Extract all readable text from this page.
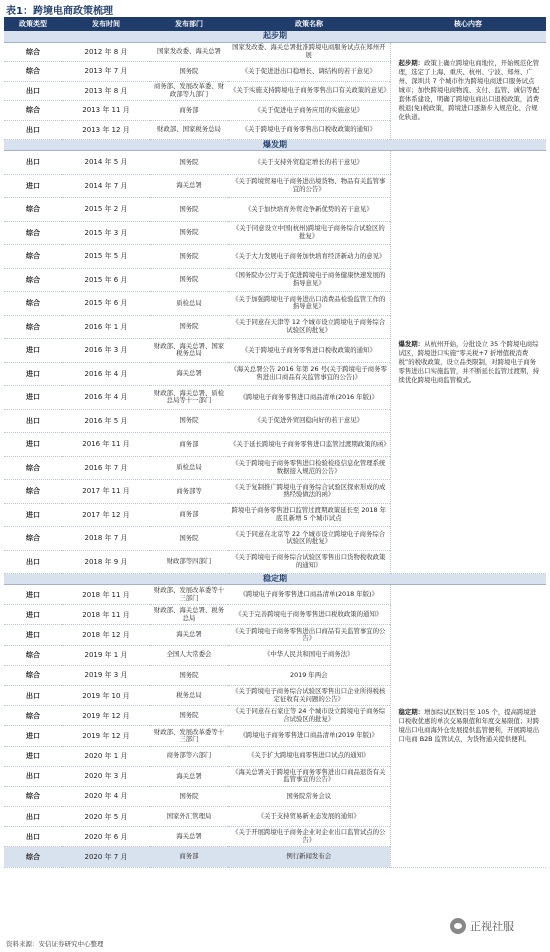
表1：跨境电商政策梳理
政策类型	发布时间	发布部门	政策名称	核心内容
起步期				
综合	2012 年 8 月	国家发改委、海关总署	国家发改委、海关总署批准跨境电商服务试点在郑州开展	起步期：政策上确立跨境电商地位，开始规范化管理，选定了上海、重庆、杭州、宁波、郑州、广州、深圳共 7 个城市作为跨境电商进口服务试点城市；加快跨境电商物流、支付、监管、诚信等配套体系建设，明确了跨境电商出口退税政策，消费税退(免)税政策，跨境进口逐渐步入规范化、合规化轨道。
综合	2013 年 7 月	国务院	《关于促进进出口稳增长、调结构的若干意见》	
出口	2013 年 8 月	商务部、发展改革委、财政部等九部门	《关于实施支持跨境电子商务零售出口有关政策的意见》	
综合	2013 年 11 月	商务部	《关于促进电子商务应用的实施意见》	
出口	2013 年 12 月	财政部、国家税务总局	《关于跨境电子商务零售出口税收政策的通知》	
爆发期				
出口	2014 年 5 月	国务院	《关于支持外贸稳定增长的若干意见》	爆发期：从杭州开始，分批设立 35 个跨境电商综试区，跨境进口实施“零关税+7 折增值税消费税”的税收政策，设立品类限制，对跨境电子商务零售进出口实施监管，并不断延长监管过渡期，持续优化跨境电商监管模式。
进口	2014 年 7 月	海关总署	《关于跨境贸易电子商务进出境货物、物品有关监管事宜的公告》	
综合	2015 年 2 月	国务院	《关于加快培育外贸竞争新优势的若干意见》	
综合	2015 年 3 月	国务院	《关于同意设立中国(杭州)跨境电子商务综合试验区的批复》	
综合	2015 年 5 月	国务院	《关于大力发展电子商务加快培育经济新动力的意见》	
综合	2015 年 6 月	国务院	《国务院办公厅关于促进跨境电子商务健康快速发展的指导意见》	
综合	2015 年 6 月	质检总局	《关于加强跨境电子商务进出口消费品检验监管工作的指导意见》	
综合	2016 年 1 月	国务院	《关于同意在天津等 12 个城市设立跨境电子商务综合试验区的批复》	
进口	2016 年 3 月	财政部、海关总署、国家税务总局	《关于跨境电子商务零售进口税收政策的通知》	
进口	2016 年 4 月	海关总署	《海关总署公告 2016 年第 26 号(关于跨境电子商务零售进出口商品有关监管事宜的公告)》	
进口	2016 年 4 月	财政部、海关总署、质检总局等十一部门	《跨境电子商务零售进口商品清单(2016 年版)》	
出口	2016 年 5 月	国务院	《关于促进外贸回稳向好的若干意见》	
进口	2016 年 11 月	商务部	《关于延长跨境电子商务零售进口监管过渡期政策的函》	
综合	2016 年 7 月	质检总局	《关于跨境电子商务零售进口检验检疫信息化管理系统数据接入规范的公告》	
综合	2017 年 11 月	商务部等	《关于复制推广跨境电子商务综合试验区探索形成的成熟经验做法的函》	
进口	2017 年 12 月	商务部	跨境电子商务零售进口监管过渡期政策延长至 2018 年底且新增 5 个城市试点	
综合	2018 年 7 月	国务院	《关于同意在北京等 22 个城市设立跨境电子商务综合试验区的批复》	
出口	2018 年 9 月	财政部等四部门	《关于跨境电子商务综合试验区零售出口货物税收政策的通知》	
稳定期				
进口	2018 年 11 月	财政部、发展改革委等十三部门	《跨境电子商务零售进口商品清单(2018 年版)》	稳定期：增加综试区数目至 105 个，提高跨境进口税收优惠的单次交易限值和年度交易限值；对跨境出口电商海外仓发展提供监管便利，开展跨境出口电商 B2B 监管试点，为货物通关提供便利。
进口	2018 年 11 月	财政部、海关总署、税务总局	《关于完善跨境电子商务零售进口税收政策的通知》	
进口	2018 年 12 月	海关总署	《关于跨境电子商务零售进出口商品有关监管事宜的公告》	
综合	2019 年 1 月	全国人大常委会	《中华人民共和国电子商务法》	
综合	2019 年 3 月	国务院	2019 年两会	
出口	2019 年 10 月	税务总局	《关于跨境电子商务综合试验区零售出口企业所得税核定征收有关问题的公告》	
综合	2019 年 12 月	国务院	《关于同意在石家庄等 24 个城市设立跨境电子商务综合试验区的批复》	
进口	2019 年 12 月	财政部、发展改革委等十三部门	《跨境电子商务零售进口商品清单(2019 年版)》	
进口	2020 年 1 月	商务部等六部门	《关于扩大跨境电商零售进口试点的通知》	
出口	2020 年 3 月	海关总署	《海关总署关于跨境电子商务零售进出口商品退货有关监管事宜的公告》	
综合	2020 年 4 月	国务院	国务院常务会议	
出口	2020 年 5 月	国家外汇管理局	《关于支持贸易新业态发展的通知》	
出口	2020 年 6 月	海关总署	《关于开展跨境电子商务企业对企业出口监管试点的公告》	
综合	2020 年 7 月	商务部	例行新闻发布会	
资料来源：安信证券研究中心整理
正视社服
